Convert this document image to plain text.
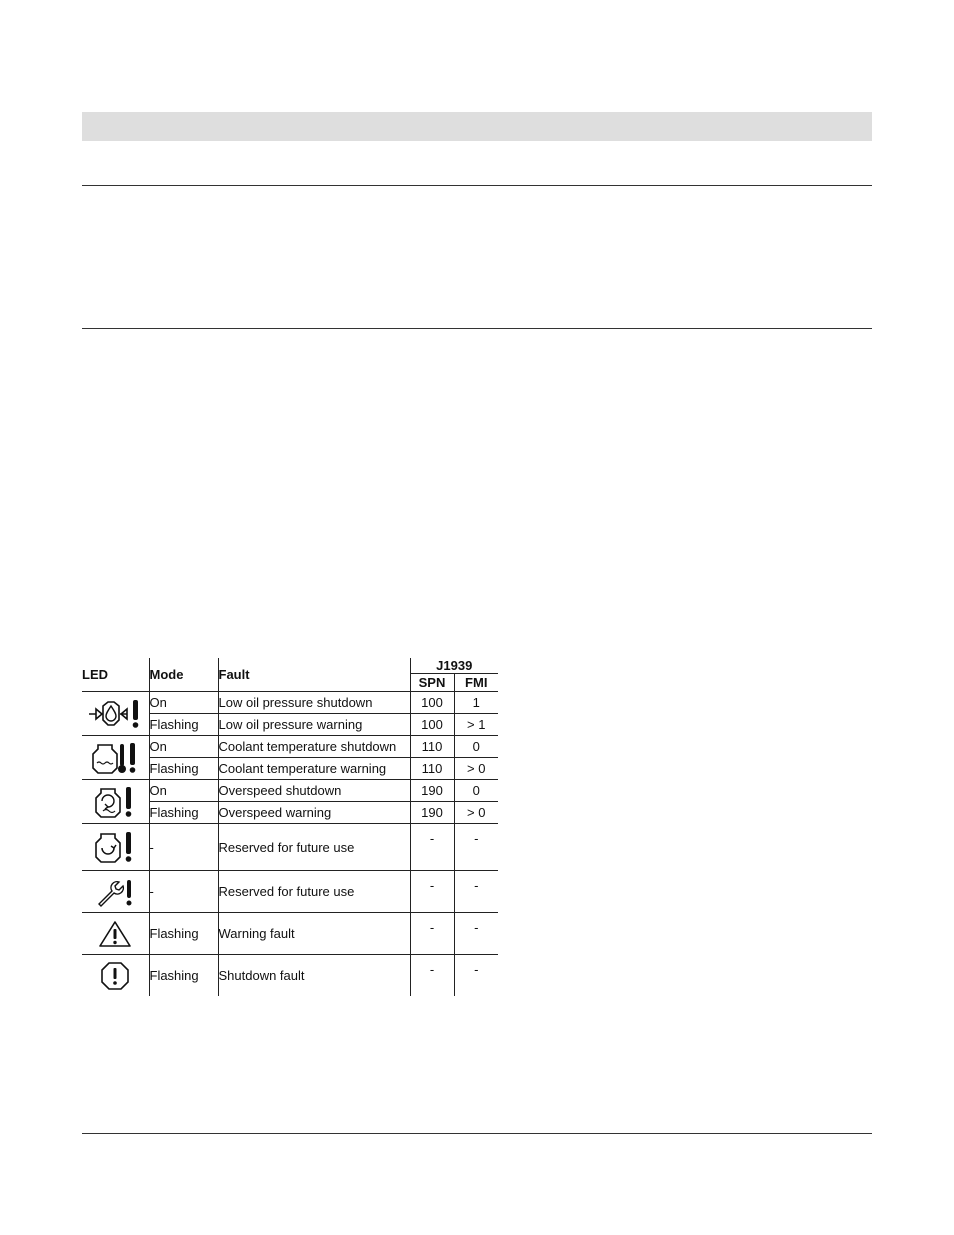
LED	Mode	Fault	J1939	
			SPN	FMI

	On	Low oil pressure shutdown	100	1
	Flashing	Low oil pressure warning	100	> 1

	On	Coolant temperature shutdown	110	0
	Flashing	Coolant temperature warning	110	> 0

	On	Overspeed shutdown	190	0
	Flashing	Overspeed warning	190	> 0

	-	Reserved for future use	-	-

	-	Reserved for future use	-	-

	Flashing	Warning fault	-	-

	Flashing	Shutdown fault	-	-
